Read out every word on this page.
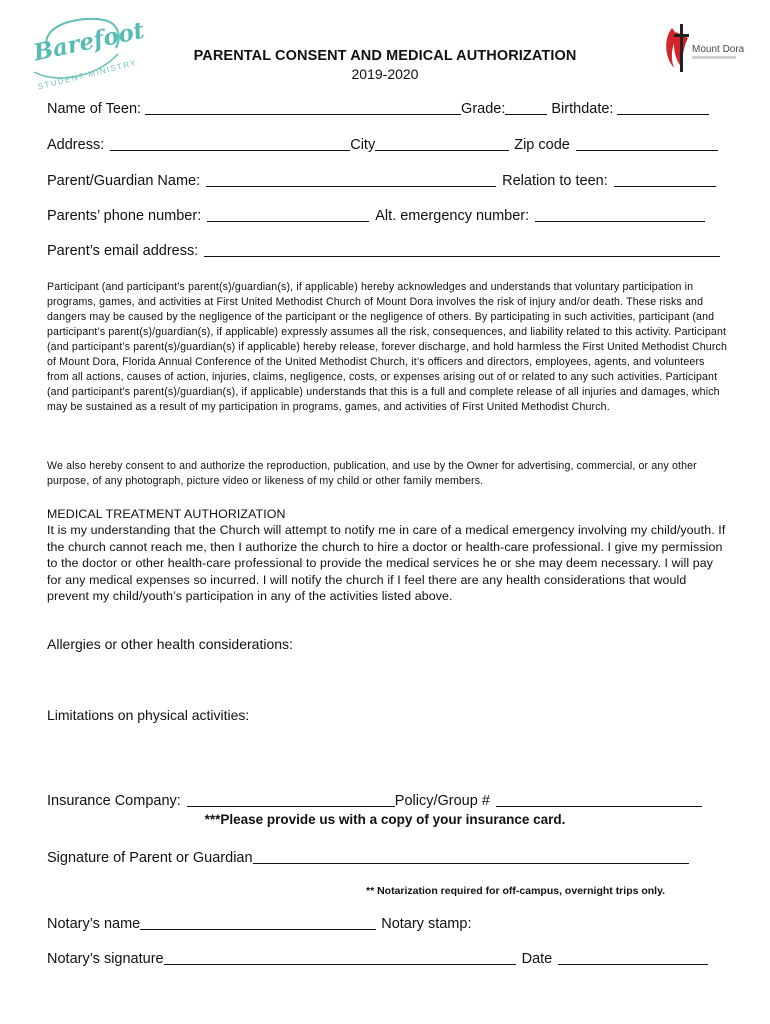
Barefoot
STUDENT MINISTRY
Mount Dora
PARENTAL CONSENT AND MEDICAL AUTHORIZATION
2019-2020
Name of Teen:	Grade:	Birthdate:
Address:	City	Zip code
Parent/Guardian Name:	Relation to teen:
Parents’ phone number:	Alt. emergency number:
Parent’s email address:
Participant (and participant’s parent(s)/guardian(s), if applicable) hereby acknowledges and understands that voluntary participation in programs, games, and activities at First United Methodist Church of Mount Dora involves the risk of injury and/or death. These risks and dangers may be caused by the negligence of the participant or the negligence of others. By participating in such activities, participant (and participant’s parent(s)/guardian(s), if applicable) expressly assumes all the risk, consequences, and liability related to this activity. Participant (and participant’s parent(s)/guardian(s) if applicable) hereby release, forever discharge, and hold harmless the First United Methodist Church of Mount Dora, Florida Annual Conference of the United Methodist Church, it’s officers and directors, employees, agents, and volunteers from all actions, causes of action, injuries, claims, negligence, costs, or expenses arising out of or related to any such activities. Participant (and participant’s parent(s)/guardian(s), if applicable) understands that this is a full and complete release of all injuries and damages, which may be sustained as a result of my participation in programs, games, and activities of First United Methodist Church.
We also hereby consent to and authorize the reproduction, publication, and use by the Owner for advertising, commercial, or any other purpose, of any photograph, picture video or likeness of my child or other family members.
MEDICAL TREATMENT AUTHORIZATION
It is my understanding that the Church will attempt to notify me in care of a medical emergency involving my child/youth. If the church cannot reach me, then I authorize the church to hire a doctor or health-care professional. I give my permission to the doctor or other health-care professional to provide the medical services he or she may deem necessary. I will pay for any medical expenses so incurred. I will notify the church if I feel there are any health considerations that would prevent my child/youth’s participation in any of the activities listed above.
Allergies or other health considerations:
Limitations on physical activities:
Insurance Company:	Policy/Group #
***Please provide us with a copy of your insurance card.
Signature of Parent or Guardian
** Notarization required for off-campus, overnight trips only.
Notary’s name	Notary stamp:
Notary’s signature	Date
